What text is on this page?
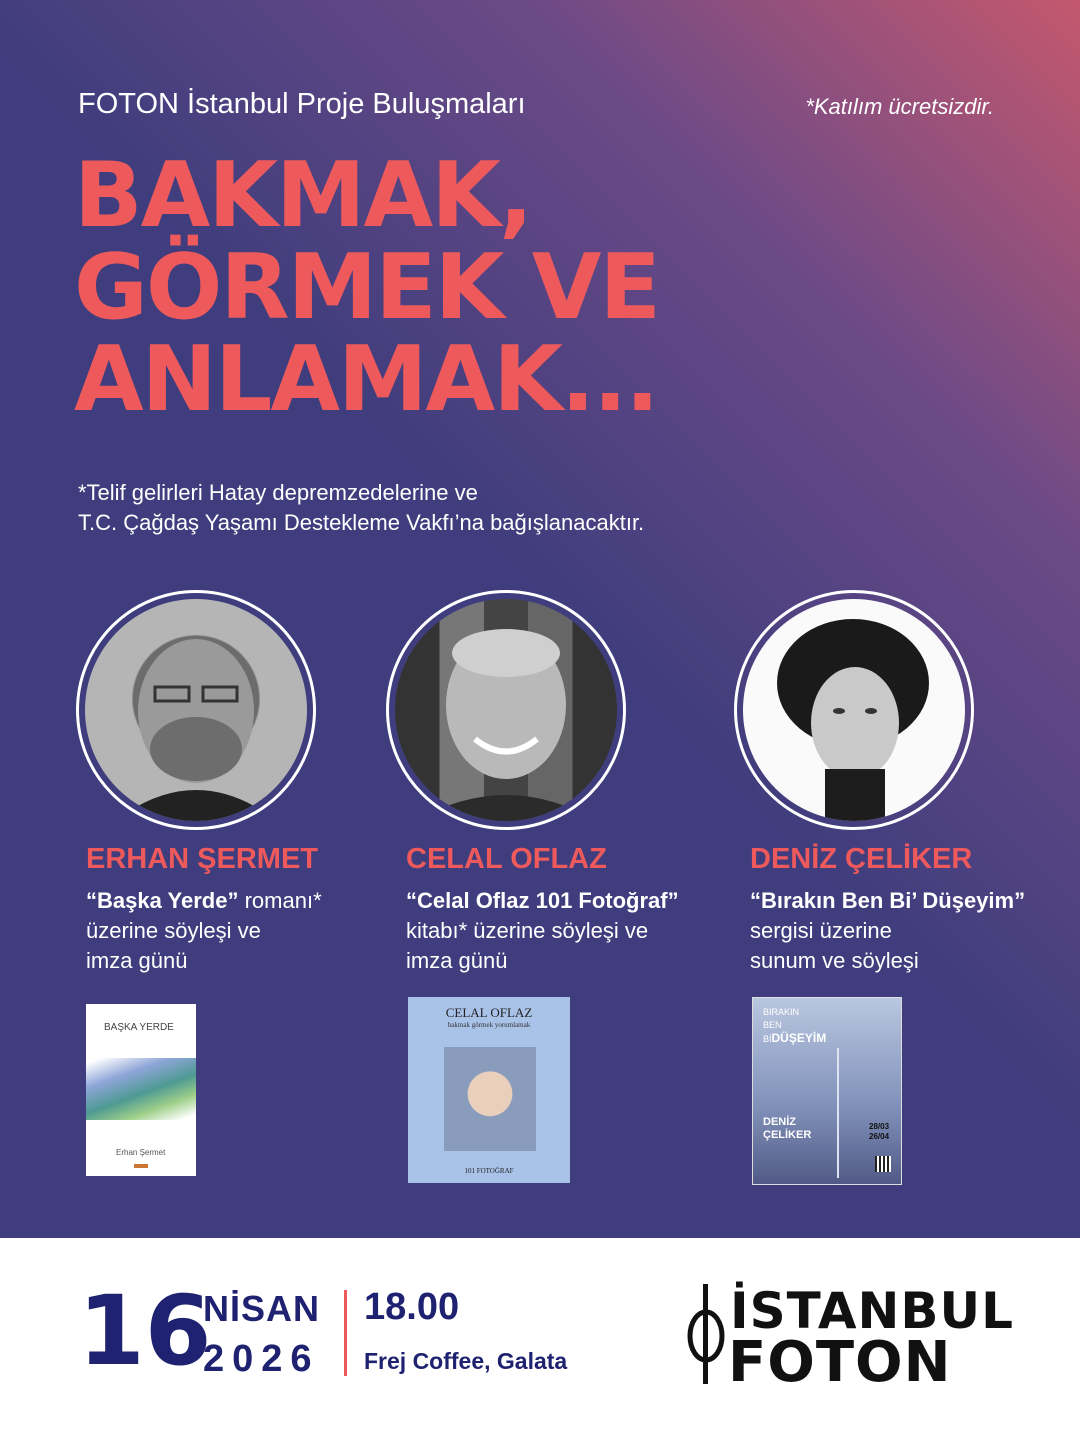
FOTON İstanbul Proje Buluşmaları	*Katılım ücretsizdir.
BAKMAK,
GÖRMEK VE
ANLAMAK...
*Telif gelirleri Hatay depremzedelerine ve
T.C. Çağdaş Yaşamı Destekleme Vakfı’na bağışlanacaktır.
ERHAN ŞERMET
“Başka Yerde” romanı*
üzerine söyleşi ve
imza günü
BAŞKA YERDE
Erhan Şermet
CELAL OFLAZ
“Celal Oflaz 101 Fotoğraf”
kitabı* üzerine söyleşi ve
imza günü
CELAL OFLAZ
bakmak görmek yorumlamak
101 FOTOĞRAF
DENİZ ÇELİKER
“Bırakın Ben Bi’ Düşeyim”
sergisi üzerine
sunum ve söyleşi
BIRAKIN
BEN
BİDÜŞEYİM
DENİZ
ÇELİKER
28/03
26/04
16
NİSAN
2026
18.00
Frej Coffee, Galata
İSTANBUL
FOTON
